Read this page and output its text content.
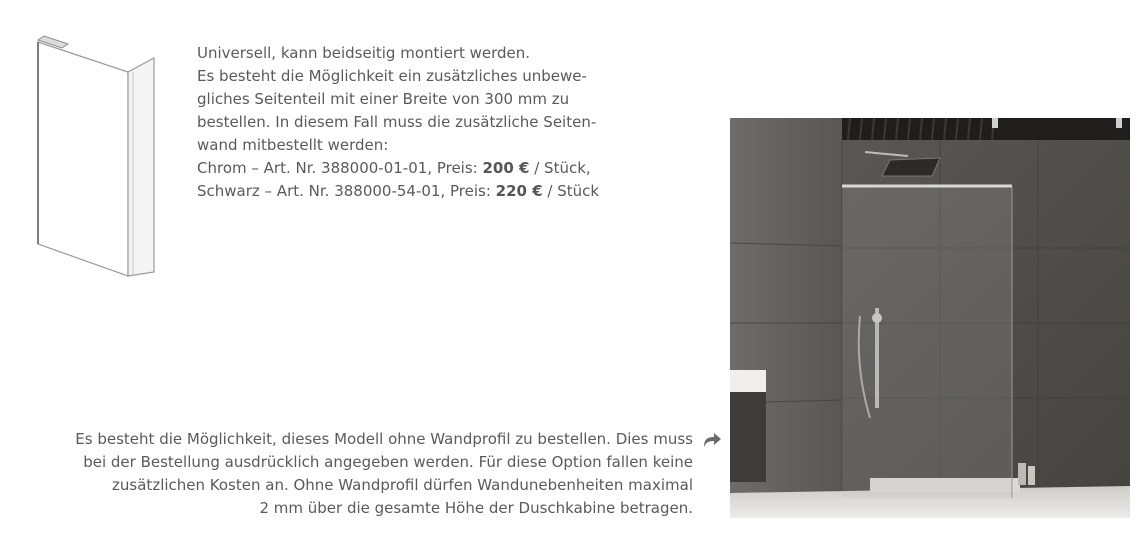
Universell, kann beidseitig montiert werden.
Es besteht die Möglichkeit ein zusätzliches unbewe-
gliches Seitenteil mit einer Breite von 300 mm zu
bestellen. In diesem Fall muss die zusätzliche Seiten-
wand mitbestellt werden:
Chrom – Art. Nr. 388000-01-01, Preis: 200 € / Stück,
Schwarz – Art. Nr. 388000-54-01, Preis: 220 € / Stück
Es besteht die Möglichkeit, dieses Modell ohne Wandprofil zu bestellen. Dies muss
bei der Bestellung ausdrücklich angegeben werden. Für diese Option fallen keine
zusätzlichen Kosten an. Ohne Wandprofil dürfen Wandunebenheiten maximal
2 mm über die gesamte Höhe der Duschkabine betragen.
